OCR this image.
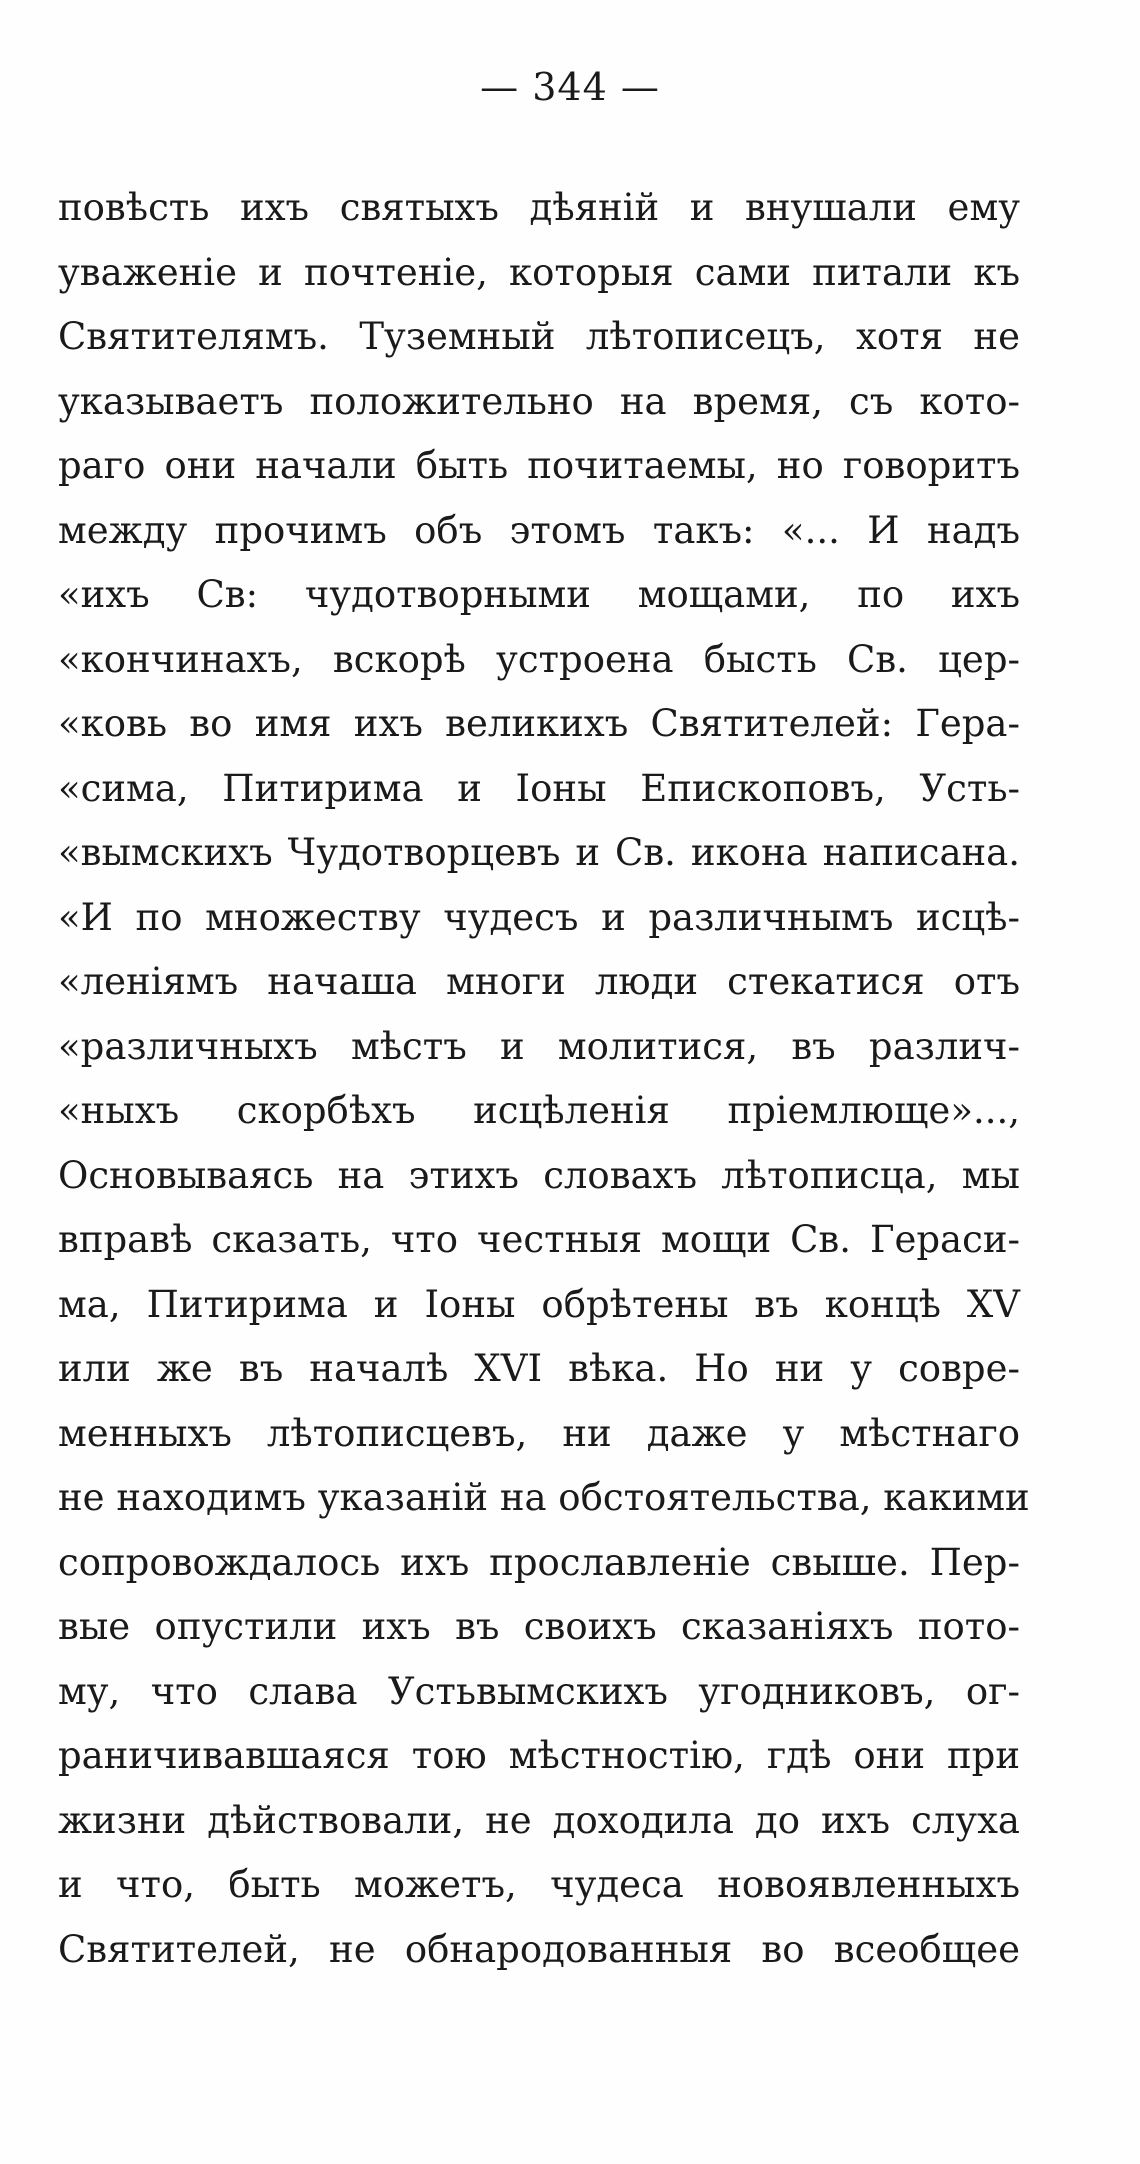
— 344 —
повѣсть ихъ святыхъ дѣяній и внушали ему
уваженіе и почтеніе, которыя сами питали къ
Святителямъ. Туземный лѣтописецъ, хотя не
указываетъ положительно на время, съ кото-
раго они начали быть почитаемы, но говоритъ
между прочимъ объ этомъ такъ: «... И надъ
«ихъ Св: чудотворными мощами, по ихъ
«кончинахъ, вскорѣ устроена бысть Св. цер-
«ковь во имя ихъ великихъ Святителей: Гера-
«сима, Питирима и Іоны Епископовъ, Усть-
«вымскихъ Чудотворцевъ и Св. икона написана.
«И по множеству чудесъ и различнымъ исцѣ-
«леніямъ начаша многи люди стекатися отъ
«различныхъ мѣстъ и молитися, въ различ-
«ныхъ скорбѣхъ исцѣленія пріемлюще»...,
Основываясь на этихъ словахъ лѣтописца, мы
вправѣ сказать, что честныя мощи Св. Гераси-
ма, Питирима и Іоны обрѣтены въ концѣ XV
или же въ началѣ XVI вѣка. Но ни у совре-
менныхъ лѣтописцевъ, ни даже у мѣстнаго
не находимъ указаній на обстоятельства, какими
сопровождалось ихъ прославленіе свыше. Пер-
вые опустили ихъ въ своихъ сказаніяхъ пото-
му, что слава Устьвымскихъ угодниковъ, ог-
раничивавшаяся тою мѣстностію, гдѣ они при
жизни дѣйствовали, не доходила до ихъ слуха
и что, быть можетъ, чудеса новоявленныхъ
Святителей, не обнародованныя во всеобщее
